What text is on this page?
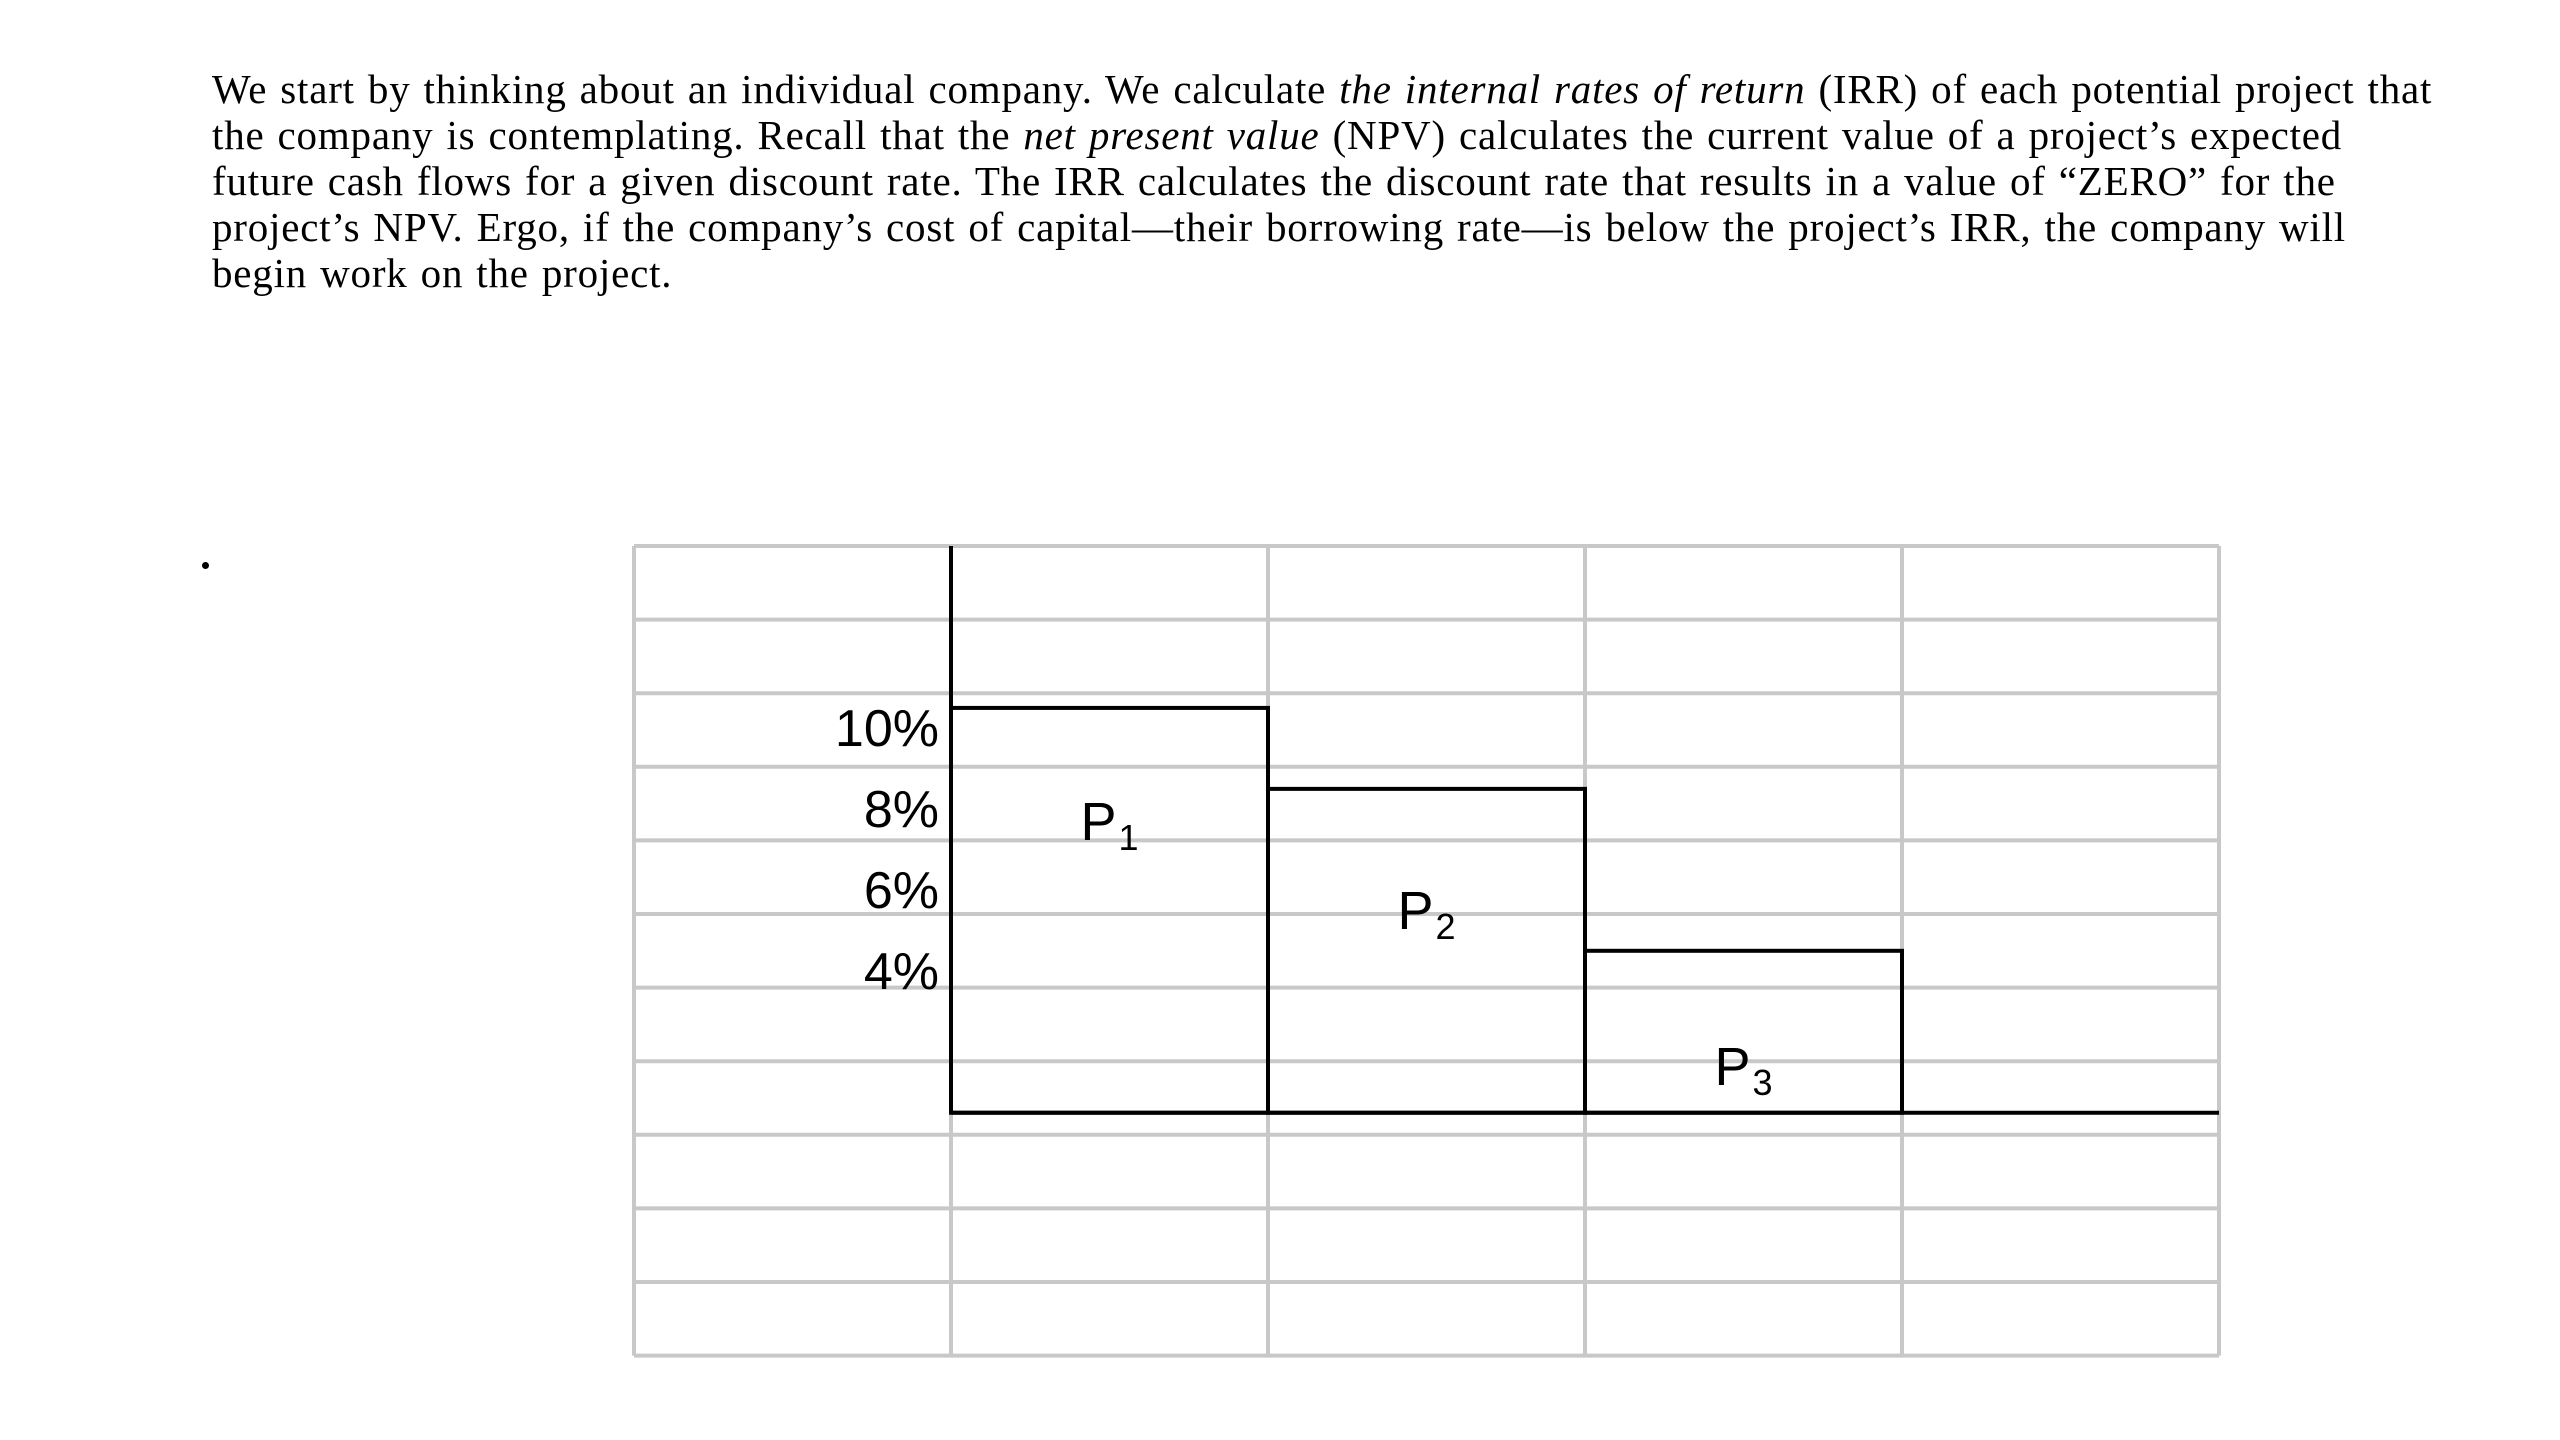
We start by thinking about an individual company. We calculate the internal rates of return (IRR) of each potential project that the company is contemplating. Recall that the net present value (NPV) calculates the current value of a project’s expected future cash flows for a given discount rate. The IRR calculates the discount rate that results in a value of “ZERO” for the project’s NPV. Ergo, if the company’s cost of capital—their borrowing rate—is below the project’s IRR, the company will begin work on the project.

10%
8%
6%
4%
P1
P2
P3
